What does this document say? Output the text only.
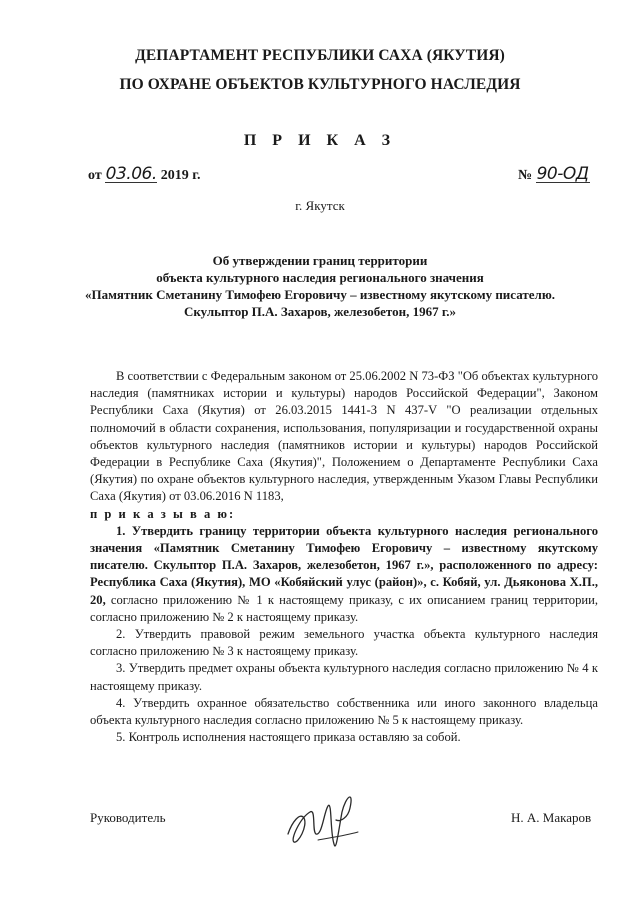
ДЕПАРТАМЕНТ РЕСПУБЛИКИ САХА (ЯКУТИЯ)
ПО ОХРАНЕ ОБЪЕКТОВ КУЛЬТУРНОГО НАСЛЕДИЯ
П Р И К А З
от 03.06. 2019 г.	№ 90-ОД
г. Якутск
Об утверждении границ территории
объекта культурного наследия регионального значения
«Памятник Сметанину Тимофею Егоровичу – известному якутскому писателю.
Скульптор П.А. Захаров, железобетон, 1967 г.»

В соответствии с Федеральным законом от 25.06.2002 N 73-ФЗ "Об объектах культурного наследия (памятниках истории и культуры) народов Российской Федерации", Законом Республики Саха (Якутия) от 26.03.2015 1441-З N 437-V "О реализации отдельных полномочий в области сохранения, использования, популяризации и государственной охраны объектов культурного наследия (памятников истории и культуры) народов Российской Федерации в Республике Саха (Якутия)", Положением о Департаменте Республики Саха (Якутия) по охране объектов культурного наследия, утвержденным Указом Главы Республики Саха (Якутия) от 03.06.2016 N 1183,

п р и к а з ы в а ю:

1. Утвердить границу территории объекта культурного наследия регионального значения «Памятник Сметанину Тимофею Егоровичу – известному якутскому писателю. Скульптор П.А. Захаров, железобетон, 1967 г.», расположенного по адресу: Республика Саха (Якутия), МО «Кобяйский улус (район)», с. Кобяй, ул. Дьяконова Х.П., 20, согласно приложению № 1 к настоящему приказу, с их описанием границ территории, согласно приложению № 2 к настоящему приказу.

2. Утвердить правовой режим земельного участка объекта культурного наследия согласно приложению № 3 к настоящему приказу.

3. Утвердить предмет охраны объекта культурного наследия согласно приложению № 4 к настоящему приказу.

4. Утвердить охранное обязательство собственника или иного законного владельца объекта культурного наследия согласно приложению № 5 к настоящему приказу.

5. Контроль исполнения настоящего приказа оставляю за собой.

Руководитель	Н. А. Макаров
